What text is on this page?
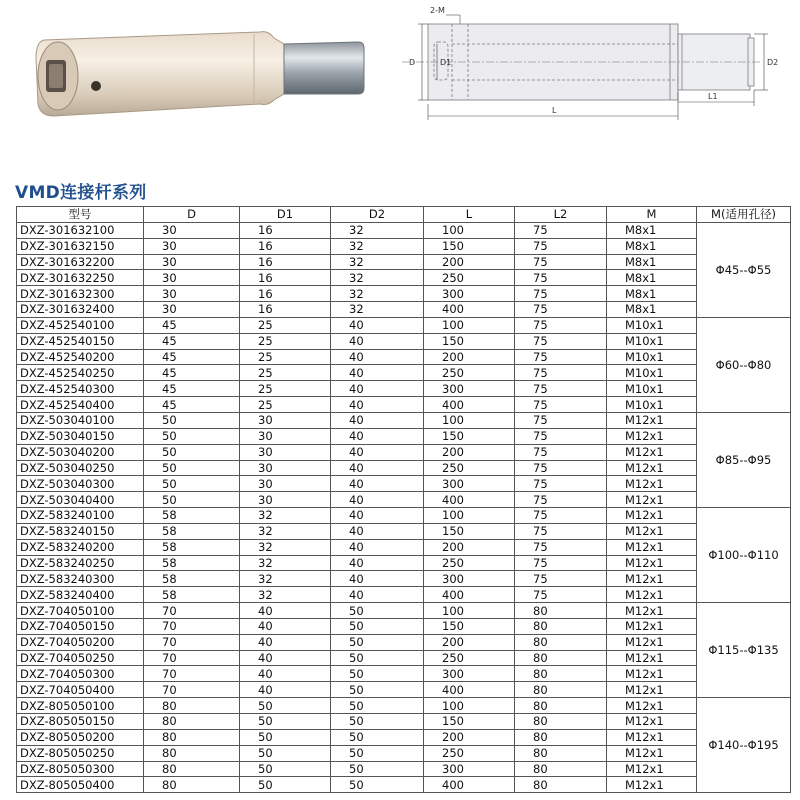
2-M
D	D1
L
L1
D2
VMD连接杆系列
型号	D	D1	D2	L	L2	M	M(适用孔径)
DXZ-301632100	30	16	32	100	75	M8x1	Φ45--Φ55
DXZ-301632150	30	16	32	150	75	M8x1	
DXZ-301632200	30	16	32	200	75	M8x1	
DXZ-301632250	30	16	32	250	75	M8x1	
DXZ-301632300	30	16	32	300	75	M8x1	
DXZ-301632400	30	16	32	400	75	M8x1	
DXZ-452540100	45	25	40	100	75	M10x1	Φ60--Φ80
DXZ-452540150	45	25	40	150	75	M10x1	
DXZ-452540200	45	25	40	200	75	M10x1	
DXZ-452540250	45	25	40	250	75	M10x1	
DXZ-452540300	45	25	40	300	75	M10x1	
DXZ-452540400	45	25	40	400	75	M10x1	
DXZ-503040100	50	30	40	100	75	M12x1	Φ85--Φ95
DXZ-503040150	50	30	40	150	75	M12x1	
DXZ-503040200	50	30	40	200	75	M12x1	
DXZ-503040250	50	30	40	250	75	M12x1	
DXZ-503040300	50	30	40	300	75	M12x1	
DXZ-503040400	50	30	40	400	75	M12x1	
DXZ-583240100	58	32	40	100	75	M12x1	Φ100--Φ110
DXZ-583240150	58	32	40	150	75	M12x1	
DXZ-583240200	58	32	40	200	75	M12x1	
DXZ-583240250	58	32	40	250	75	M12x1	
DXZ-583240300	58	32	40	300	75	M12x1	
DXZ-583240400	58	32	40	400	75	M12x1	
DXZ-704050100	70	40	50	100	80	M12x1	Φ115--Φ135
DXZ-704050150	70	40	50	150	80	M12x1	
DXZ-704050200	70	40	50	200	80	M12x1	
DXZ-704050250	70	40	50	250	80	M12x1	
DXZ-704050300	70	40	50	300	80	M12x1	
DXZ-704050400	70	40	50	400	80	M12x1	
DXZ-805050100	80	50	50	100	80	M12x1	Φ140--Φ195
DXZ-805050150	80	50	50	150	80	M12x1	
DXZ-805050200	80	50	50	200	80	M12x1	
DXZ-805050250	80	50	50	250	80	M12x1	
DXZ-805050300	80	50	50	300	80	M12x1	
DXZ-805050400	80	50	50	400	80	M12x1	
